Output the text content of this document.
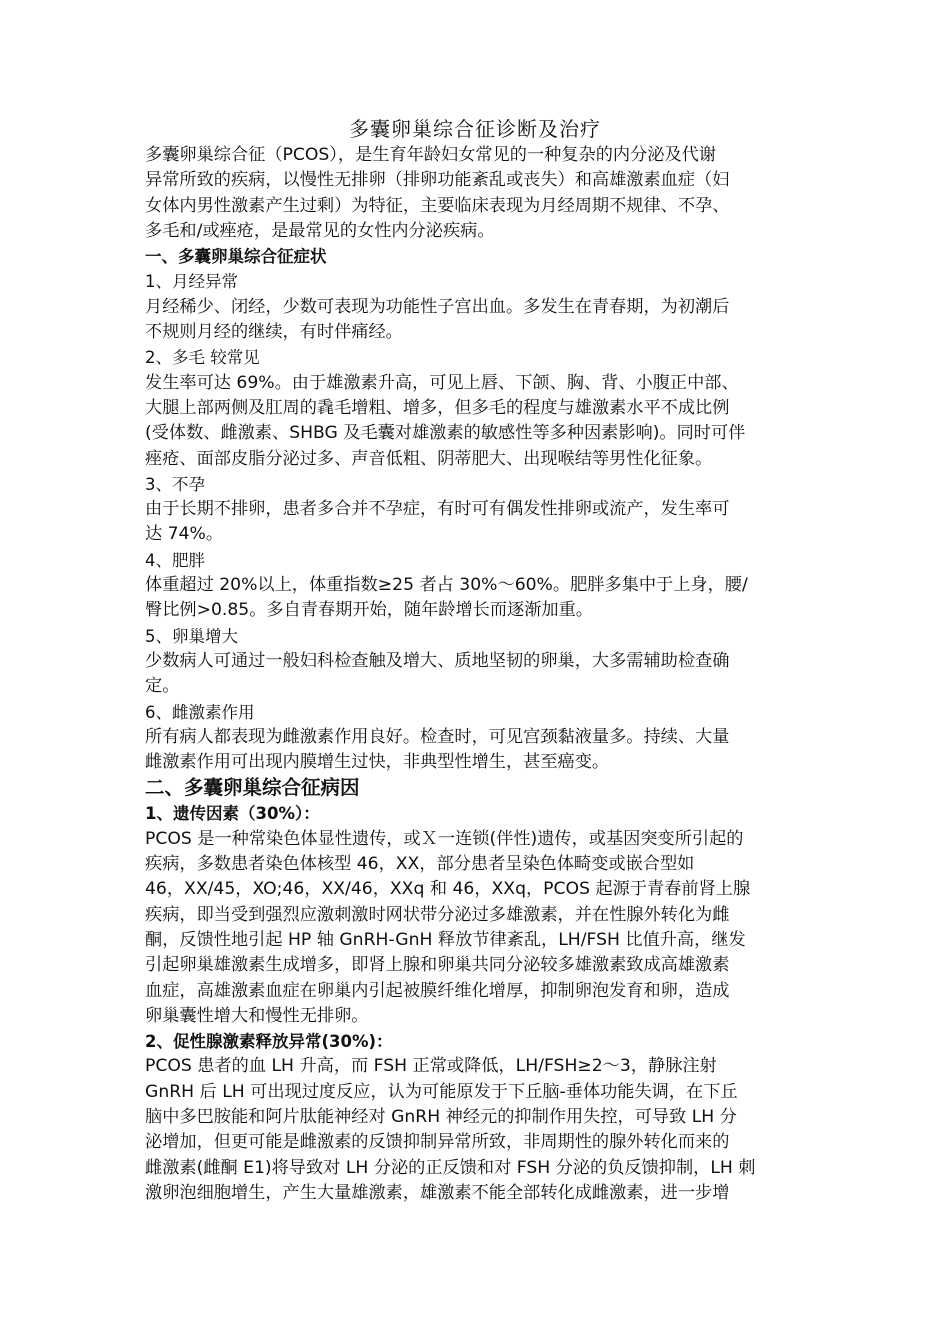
多囊卵巢综合征诊断及治疗

多囊卵巢综合征（PCOS），是生育年龄妇女常见的一种复杂的内分泌及代谢

异常所致的疾病，以慢性无排卵（排卵功能紊乱或丧失）和高雄激素血症（妇

女体内男性激素产生过剩）为特征，主要临床表现为月经周期不规律、不孕、

多毛和/或痤疮，是最常见的女性内分泌疾病。

一、多囊卵巢综合征症状

1、月经异常

月经稀少、闭经，少数可表现为功能性子宫出血。多发生在青春期，为初潮后

不规则月经的继续，有时伴痛经。

2、多毛 较常见

发生率可达 69%。由于雄激素升高，可见上唇、下颌、胸、背、小腹正中部、

大腿上部两侧及肛周的毳毛增粗、增多，但多毛的程度与雄激素水平不成比例

(受体数、雌激素、SHBG 及毛囊对雄激素的敏感性等多种因素影响)。同时可伴

痤疮、面部皮脂分泌过多、声音低粗、阴蒂肥大、出现喉结等男性化征象。

3、不孕

由于长期不排卵，患者多合并不孕症，有时可有偶发性排卵或流产，发生率可

达 74%。

4、肥胖

体重超过 20%以上，体重指数≥25 者占 30%～60%。肥胖多集中于上身，腰/

臀比例>0.85。多自青春期开始，随年龄增长而逐渐加重。

5、卵巢增大

少数病人可通过一般妇科检查触及增大、质地坚韧的卵巢，大多需辅助检查确

定。

6、雌激素作用

所有病人都表现为雌激素作用良好。检查时，可见宫颈黏液量多。持续、大量

雌激素作用可出现内膜增生过快，非典型性增生，甚至癌变。

二、多囊卵巢综合征病因

1、遗传因素（30%）：

PCOS 是一种常染色体显性遗传，或Ｘ一连锁(伴性)遗传，或基因突变所引起的

疾病，多数患者染色体核型 46，XX，部分患者呈染色体畸变或嵌合型如

46，XX/45，XO;46，XX/46，XXq 和 46，XXq，PCOS 起源于青春前肾上腺

疾病，即当受到强烈应激刺激时网状带分泌过多雄激素，并在性腺外转化为雌

酮，反馈性地引起 HP 轴 GnRH-GnH 释放节律紊乱，LH/FSH 比值升高，继发

引起卵巢雄激素生成增多，即肾上腺和卵巢共同分泌较多雄激素致成高雄激素

血症，高雄激素血症在卵巢内引起被膜纤维化增厚，抑制卵泡发育和卵，造成

卵巢囊性增大和慢性无排卵。

2、促性腺激素释放异常(30%)：

PCOS 患者的血 LH 升高，而 FSH 正常或降低，LH/FSH≥2～3，静脉注射

GnRH 后 LH 可出现过度反应，认为可能原发于下丘脑-垂体功能失调，在下丘

脑中多巴胺能和阿片肽能神经对 GnRH 神经元的抑制作用失控，可导致 LH 分

泌增加，但更可能是雌激素的反馈抑制异常所致，非周期性的腺外转化而来的

雌激素(雌酮 E1)将导致对 LH 分泌的正反馈和对 FSH 分泌的负反馈抑制，LH 刺

激卵泡细胞增生，产生大量雄激素，雄激素不能全部转化成雌激素，进一步增
